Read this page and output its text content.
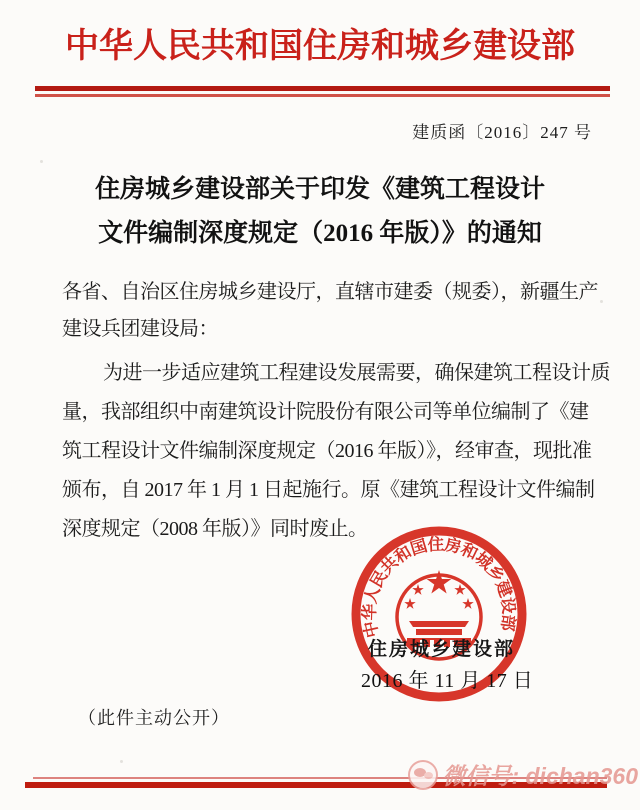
中华人民共和国住房和城乡建设部
建质函〔2016〕247 号
住房城乡建设部关于印发《建筑工程设计
文件编制深度规定（2016 年版）》的通知
各省、自治区住房城乡建设厅，直辖市建委（规委），新疆生产
建设兵团建设局：
为进一步适应建筑工程建设发展需要，确保建筑工程设计质
量，我部组织中南建筑设计院股份有限公司等单位编制了《建
筑工程设计文件编制深度规定（2016 年版）》，经审查，现批准
颁布，自 2017 年 1 月 1 日起施行。原《建筑工程设计文件编制
深度规定（2008 年版）》同时废止。
中华人民共和国住房和城乡建设部
住房城乡建设部
2016 年 11 月 17 日
（此件主动公开）
微信号: dichan360
